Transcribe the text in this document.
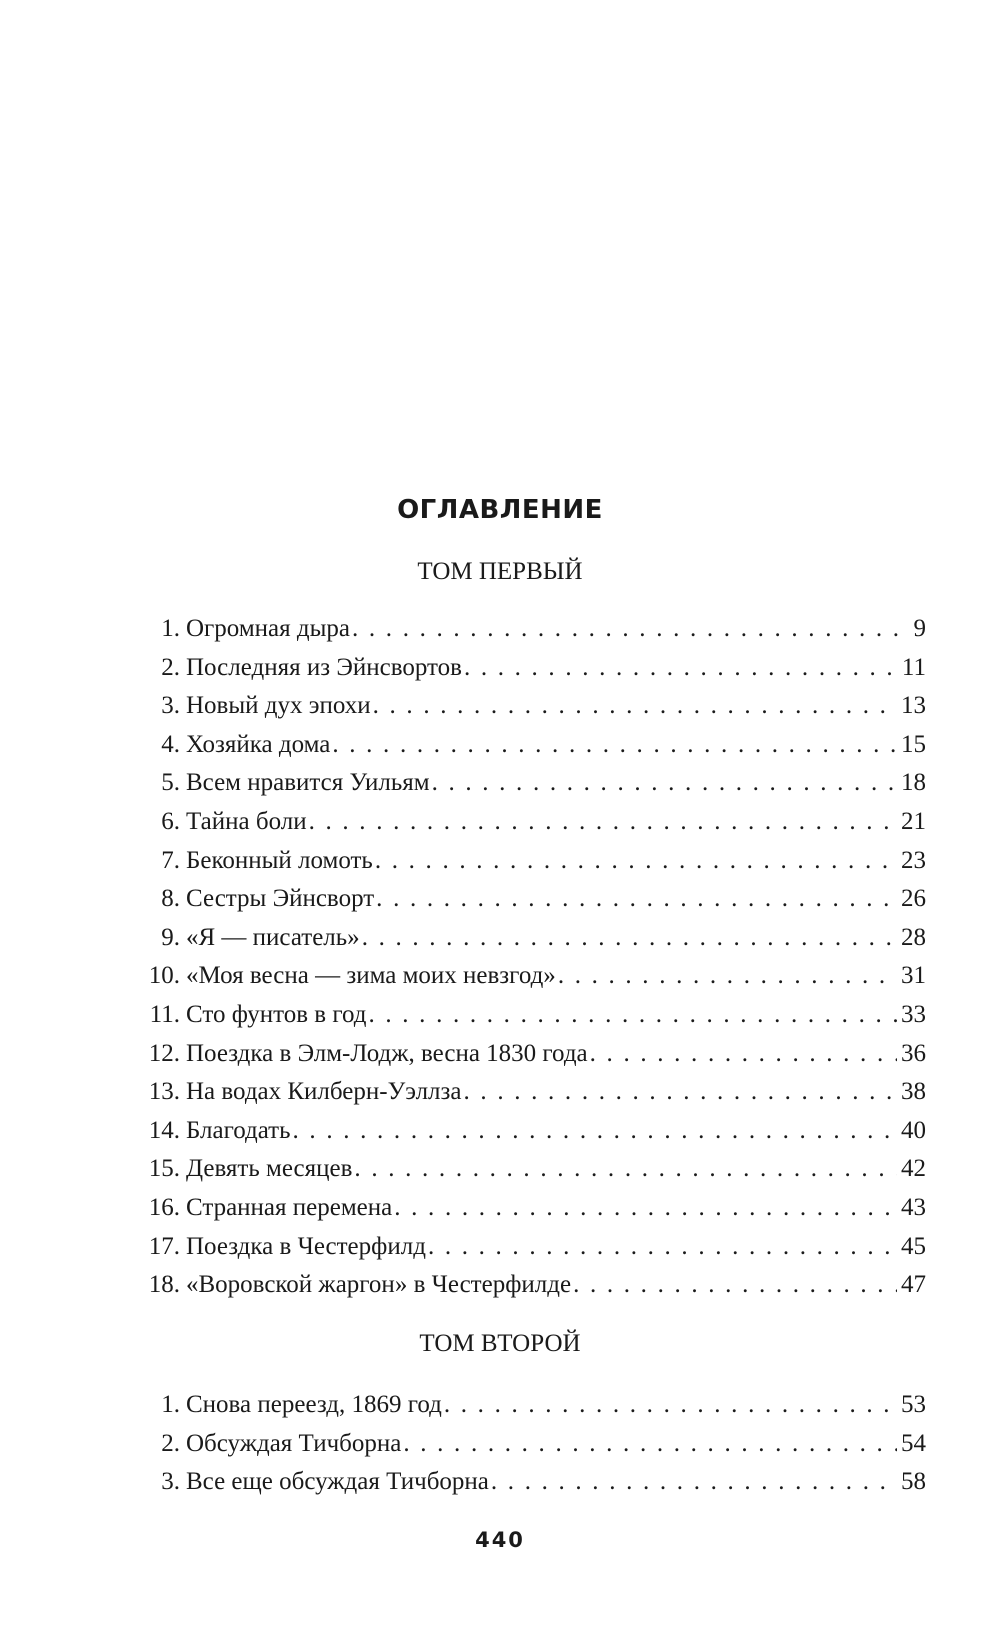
ОГЛАВЛЕНИЕ
ТОМ ПЕРВЫЙ
1. Огромная дыра . . .	9
2. Последняя из Эйнсвортов . . .	11
3. Новый дух эпохи . . .	13
4. Хозяйка дома . . .	15
5. Всем нравится Уильям . . .	18
6. Тайна боли . . .	21
7. Беконный ломоть . . .	23
8. Сестры Эйнсворт . . .	26
9. «Я — писатель» . . .	28
10. «Моя весна — зима моих невзгод» . . .	31
11. Сто фунтов в год . . .	33
12. Поездка в Элм-Лодж, весна 1830 года . . .	36
13. На водах Килберн-Уэллза . . .	38
14. Благодать . . .	40
15. Девять месяцев . . .	42
16. Странная перемена . . .	43
17. Поездка в Честерфилд . . .	45
18. «Воровской жаргон» в Честерфилде . . .	47
ТОМ ВТОРОЙ
1. Снова переезд, 1869 год . . .	53
2. Обсуждая Тичборна . . .	54
3. Все еще обсуждая Тичборна . . .	58
440
